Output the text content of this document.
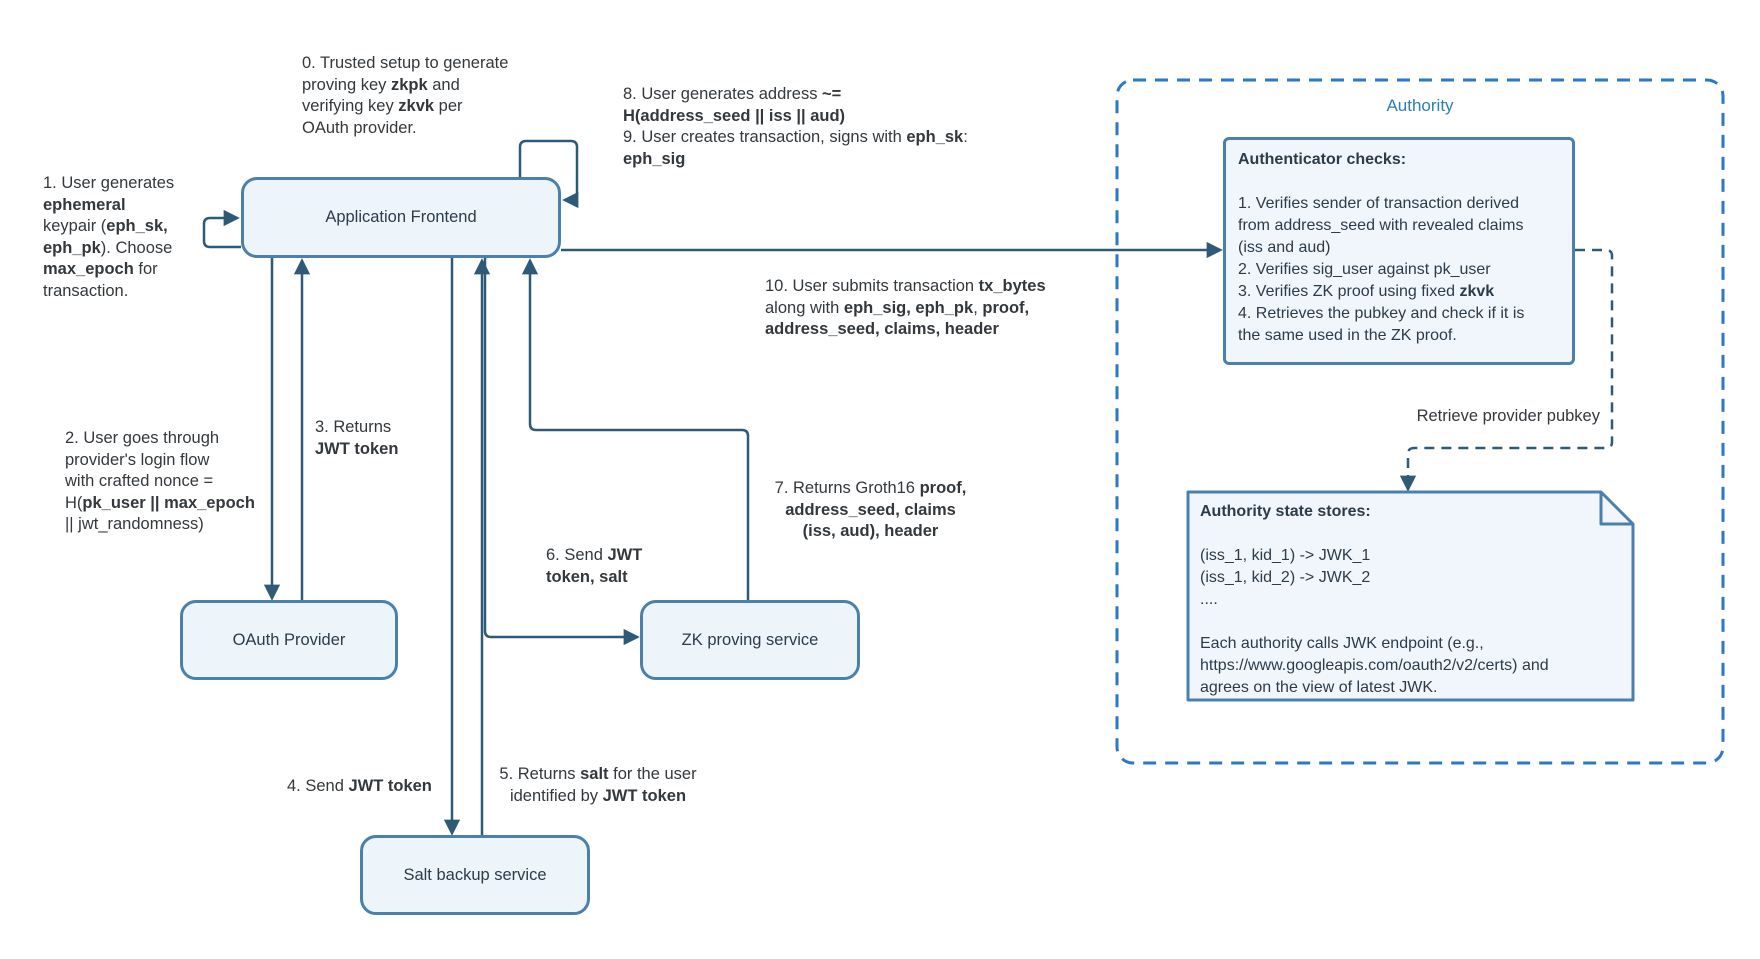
Application Frontend
OAuth Provider	ZK proving service
Salt backup service
Authority
Authenticator checks:

1. Verifies sender of transaction derived
from address_seed with revealed claims
(iss and aud)
2. Verifies sig_user against pk_user
3. Verifies ZK proof using fixed zkvk
4. Retrieves the pubkey and check if it is
the same used in the ZK proof.
Retrieve provider pubkey
Authority state stores:

(iss_1, kid_1) -> JWK_1
(iss_1, kid_2) -> JWK_2
....

Each authority calls JWK endpoint (e.g.,
https://www.googleapis.com/oauth2/v2/certs) and
agrees on the view of latest JWK.
0. Trusted setup to generate
proving key zkpk and
verifying key zkvk per
OAuth provider.
1. User generates
ephemeral
keypair (eph_sk,
eph_pk). Choose
max_epoch for
transaction.
2. User goes through
provider's login flow
with crafted nonce =
H(pk_user || max_epoch
|| jwt_randomness)
3. Returns
JWT token
4. Send JWT token
5. Returns salt for the user
identified by JWT token
6. Send JWT
token, salt
7. Returns Groth16 proof,
address_seed, claims
(iss, aud), header
8. User generates address ~=
H(address_seed || iss || aud)
9. User creates transaction, signs with eph_sk:
eph_sig
10. User submits transaction tx_bytes
along with eph_sig, eph_pk, proof,
address_seed, claims, header
